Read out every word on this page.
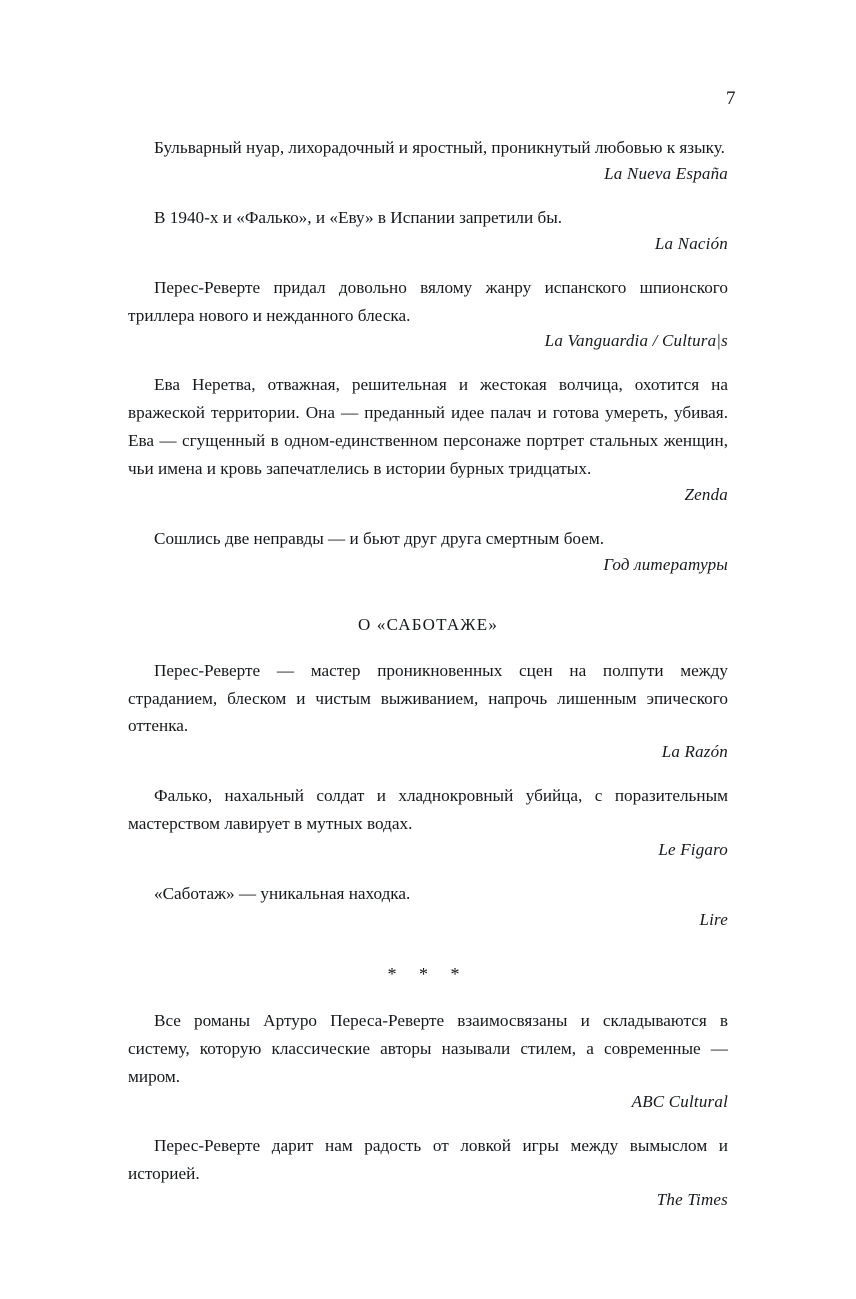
7
Бульварный нуар, лихорадочный и яростный, проникнутый любовью к языку.
La Nueva España
В 1940‑х и «Фалько», и «Еву» в Испании запретили бы.
La Nación
Перес‑Реверте придал довольно вялому жанру испанского шпионского триллера нового и нежданного блеска.
La Vanguardia / Cultura|s
Ева Неретва, отважная, решительная и жестокая волчица, охотится на вражеской территории. Она — преданный идее палач и готова умереть, убивая. Ева — сгущенный в одном‑единственном персонаже портрет стальных женщин, чьи имена и кровь запечатлелись в истории бурных тридцатых.
Zenda
Сошлись две неправды — и бьют друг друга смертным боем.
Год литературы
О «САБОТАЖЕ»
Перес‑Реверте — мастер проникновенных сцен на полпути между страданием, блеском и чистым выживанием, напрочь лишенным эпического оттенка.
La Razón
Фалько, нахальный солдат и хладнокровный убийца, с поразительным мастерством лавирует в мутных водах.
Le Figaro
«Саботаж» — уникальная находка.
Lire
* * *
Все романы Артуро Переса‑Реверте взаимосвязаны и складываются в систему, которую классические авторы называли стилем, а современные — миром.
ABC Cultural
Перес‑Реверте дарит нам радость от ловкой игры между вымыслом и историей.
The Times
